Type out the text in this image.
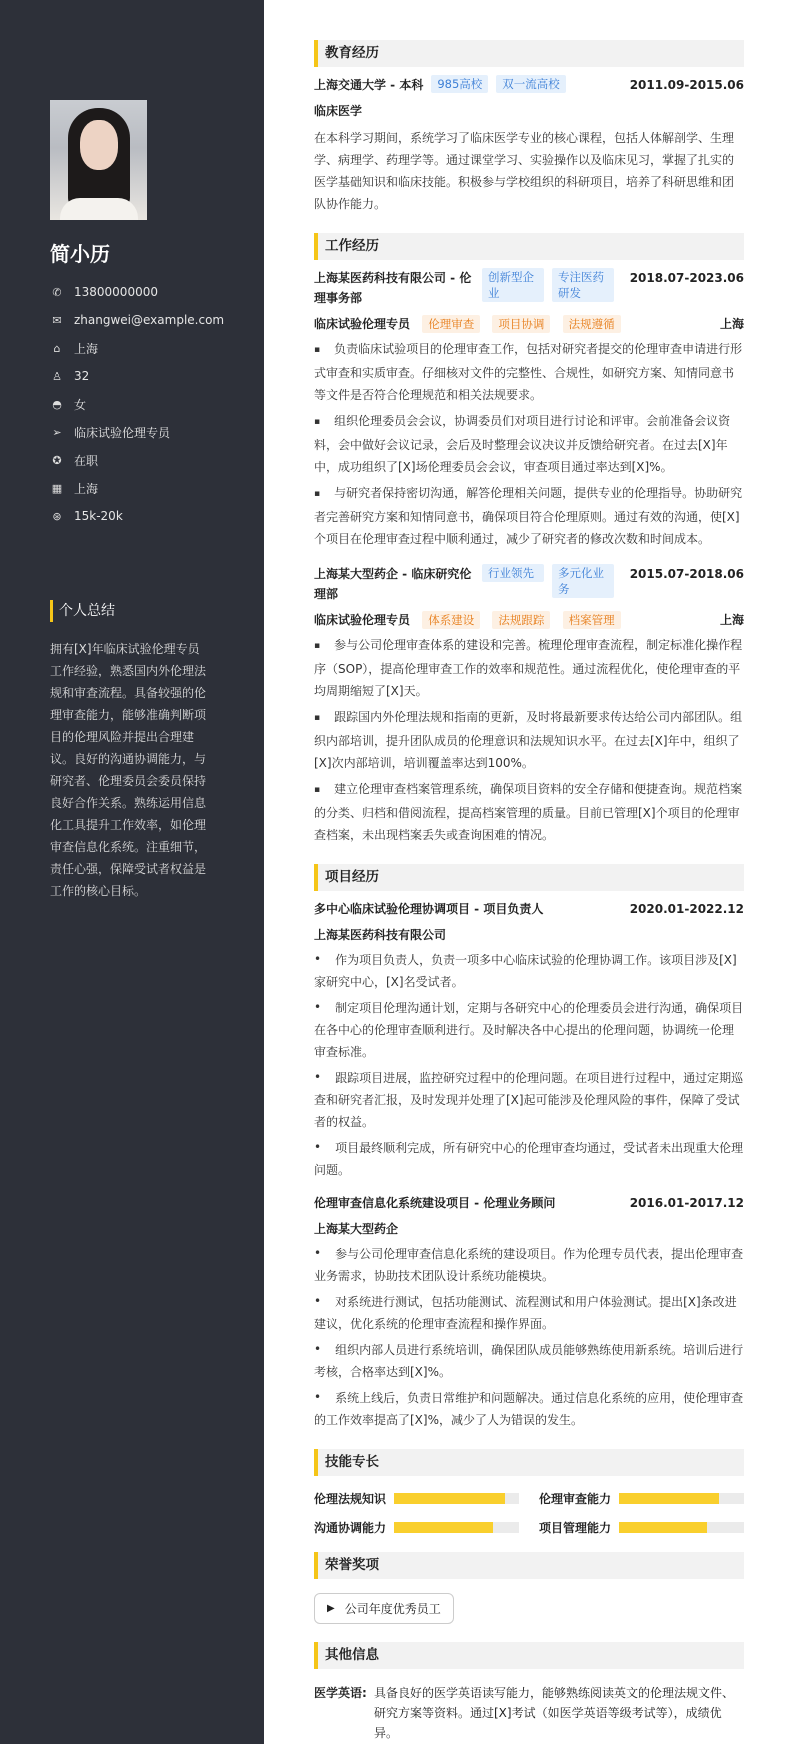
简小历
✆ 13800000000
✉ zhangwei@example.com
⌂ 上海
♙ 32
◓ 女
➢ 临床试验伦理专员
✪ 在职
▦ 上海
⊛ 15k-20k
个人总结
拥有[X]年临床试验伦理专员工作经验，熟悉国内外伦理法规和审查流程。具备较强的伦理审查能力，能够准确判断项目的伦理风险并提出合理建议。良好的沟通协调能力，与研究者、伦理委员会委员保持良好合作关系。熟练运用信息化工具提升工作效率，如伦理审查信息化系统。注重细节，责任心强，保障受试者权益是工作的核心目标。
教育经历
上海交通大学 - 本科	985高校	双一流高校	2011.09-2015.06
临床医学
在本科学习期间，系统学习了临床医学专业的核心课程，包括人体解剖学、生理学、病理学、药理学等。通过课堂学习、实验操作以及临床见习，掌握了扎实的医学基础知识和临床技能。积极参与学校组织的科研项目，培养了科研思维和团队协作能力。
工作经历
上海某医药科技有限公司 - 伦理事务部
创新型企业
专注医药研发
2018.07-2023.06
临床试验伦理专员 伦理审查 项目协调 法规遵循	上海
▪ 负责临床试验项目的伦理审查工作，包括对研究者提交的伦理审查申请进行形式审查和实质审查。仔细核对文件的完整性、合规性，如研究方案、知情同意书等文件是否符合伦理规范和相关法规要求。
▪ 组织伦理委员会会议，协调委员们对项目进行讨论和评审。会前准备会议资料，会中做好会议记录，会后及时整理会议决议并反馈给研究者。在过去[X]年中，成功组织了[X]场伦理委员会会议，审查项目通过率达到[X]%。
▪ 与研究者保持密切沟通，解答伦理相关问题，提供专业的伦理指导。协助研究者完善研究方案和知情同意书，确保项目符合伦理原则。通过有效的沟通，使[X]个项目在伦理审查过程中顺利通过，减少了研究者的修改次数和时间成本。
上海某大型药企 - 临床研究伦理部
行业领先	多元化业务
2015.07-2018.06
临床试验伦理专员 体系建设 法规跟踪 档案管理	上海
▪ 参与公司伦理审查体系的建设和完善。梳理伦理审查流程，制定标准化操作程序（SOP），提高伦理审查工作的效率和规范性。通过流程优化，使伦理审查的平均周期缩短了[X]天。
▪ 跟踪国内外伦理法规和指南的更新，及时将最新要求传达给公司内部团队。组织内部培训，提升团队成员的伦理意识和法规知识水平。在过去[X]年中，组织了[X]次内部培训，培训覆盖率达到100%。
▪ 建立伦理审查档案管理系统，确保项目资料的安全存储和便捷查询。规范档案的分类、归档和借阅流程，提高档案管理的质量。目前已管理[X]个项目的伦理审查档案，未出现档案丢失或查询困难的情况。
项目经历
多中心临床试验伦理协调项目 - 项目负责人	2020.01-2022.12
上海某医药科技有限公司
• 作为项目负责人，负责一项多中心临床试验的伦理协调工作。该项目涉及[X]家研究中心，[X]名受试者。
• 制定项目伦理沟通计划，定期与各研究中心的伦理委员会进行沟通，确保项目在各中心的伦理审查顺利进行。及时解决各中心提出的伦理问题，协调统一伦理审查标准。
• 跟踪项目进展，监控研究过程中的伦理问题。在项目进行过程中，通过定期巡查和研究者汇报，及时发现并处理了[X]起可能涉及伦理风险的事件，保障了受试者的权益。
• 项目最终顺利完成，所有研究中心的伦理审查均通过，受试者未出现重大伦理问题。
伦理审查信息化系统建设项目 - 伦理业务顾问	2016.01-2017.12
上海某大型药企
• 参与公司伦理审查信息化系统的建设项目。作为伦理专员代表，提出伦理审查业务需求，协助技术团队设计系统功能模块。
• 对系统进行测试，包括功能测试、流程测试和用户体验测试。提出[X]条改进建议，优化系统的伦理审查流程和操作界面。
• 组织内部人员进行系统培训，确保团队成员能够熟练使用新系统。培训后进行考核，合格率达到[X]%。
• 系统上线后，负责日常维护和问题解决。通过信息化系统的应用，使伦理审查的工作效率提高了[X]%，减少了人为错误的发生。
技能专长
伦理法规知识	伦理审查能力
沟通协调能力	项目管理能力
荣誉奖项
▶ 公司年度优秀员工
其他信息
医学英语: 具备良好的医学英语读写能力，能够熟练阅读英文的伦理法规文件、研究方案等资料。通过[X]考试（如医学英语等级考试等），成绩优异。
